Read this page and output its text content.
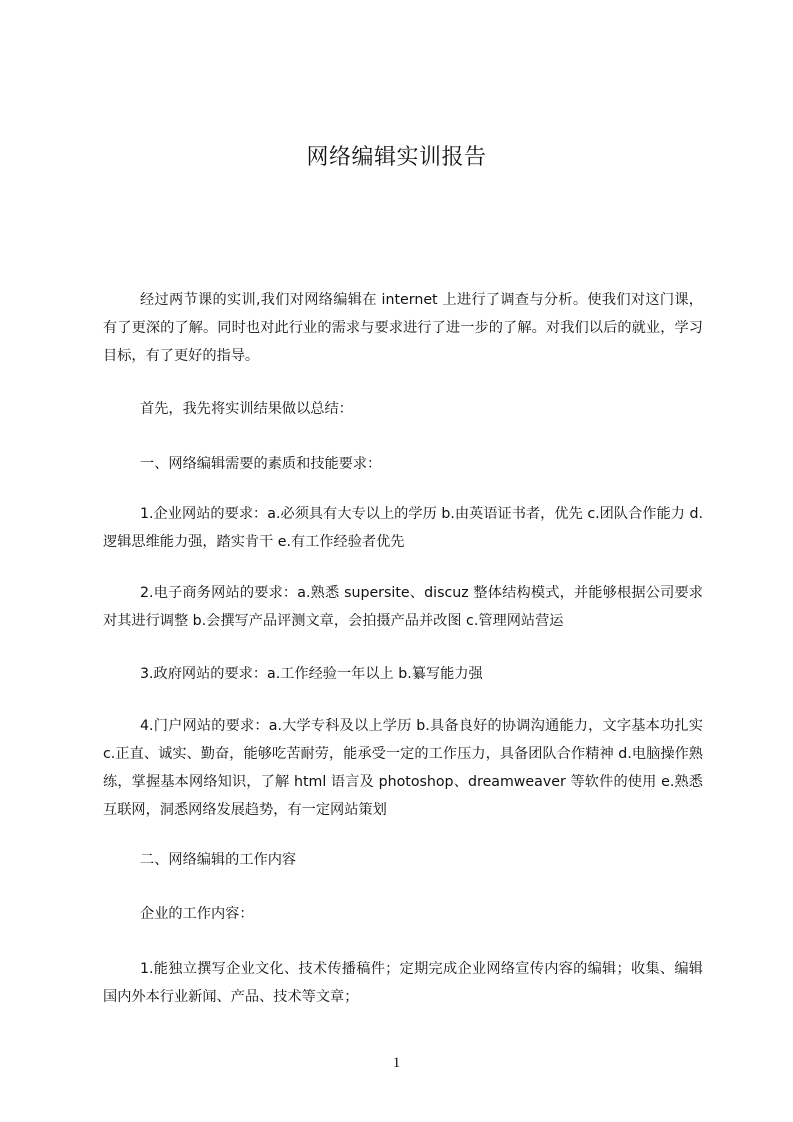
网络编辑实训报告
经过两节课的实训,我们对网络编辑在 internet 上进行了调查与分析。使我们对这门课，有了更深的了解。同时也对此行业的需求与要求进行了进一步的了解。对我们以后的就业，学习目标，有了更好的指导。
首先，我先将实训结果做以总结：
一、网络编辑需要的素质和技能要求：
1.企业网站的要求：a.必须具有大专以上的学历 b.由英语证书者，优先 c.团队合作能力 d.逻辑思维能力强，踏实肯干 e.有工作经验者优先
2.电子商务网站的要求：a.熟悉 supersite、discuz 整体结构模式，并能够根据公司要求对其进行调整 b.会撰写产品评测文章，会拍摄产品并改图 c.管理网站营运
3.政府网站的要求：a.工作经验一年以上 b.纂写能力强
4.门户网站的要求：a.大学专科及以上学历 b.具备良好的协调沟通能力，文字基本功扎实 c.正直、诚实、勤奋，能够吃苦耐劳，能承受一定的工作压力，具备团队合作精神 d.电脑操作熟练，掌握基本网络知识，了解 html 语言及 photoshop、dreamweaver 等软件的使用 e.熟悉互联网，洞悉网络发展趋势，有一定网站策划
二、网络编辑的工作内容
企业的工作内容：
1.能独立撰写企业文化、技术传播稿件；定期完成企业网络宣传内容的编辑；收集、编辑国内外本行业新闻、产品、技术等文章；
1
